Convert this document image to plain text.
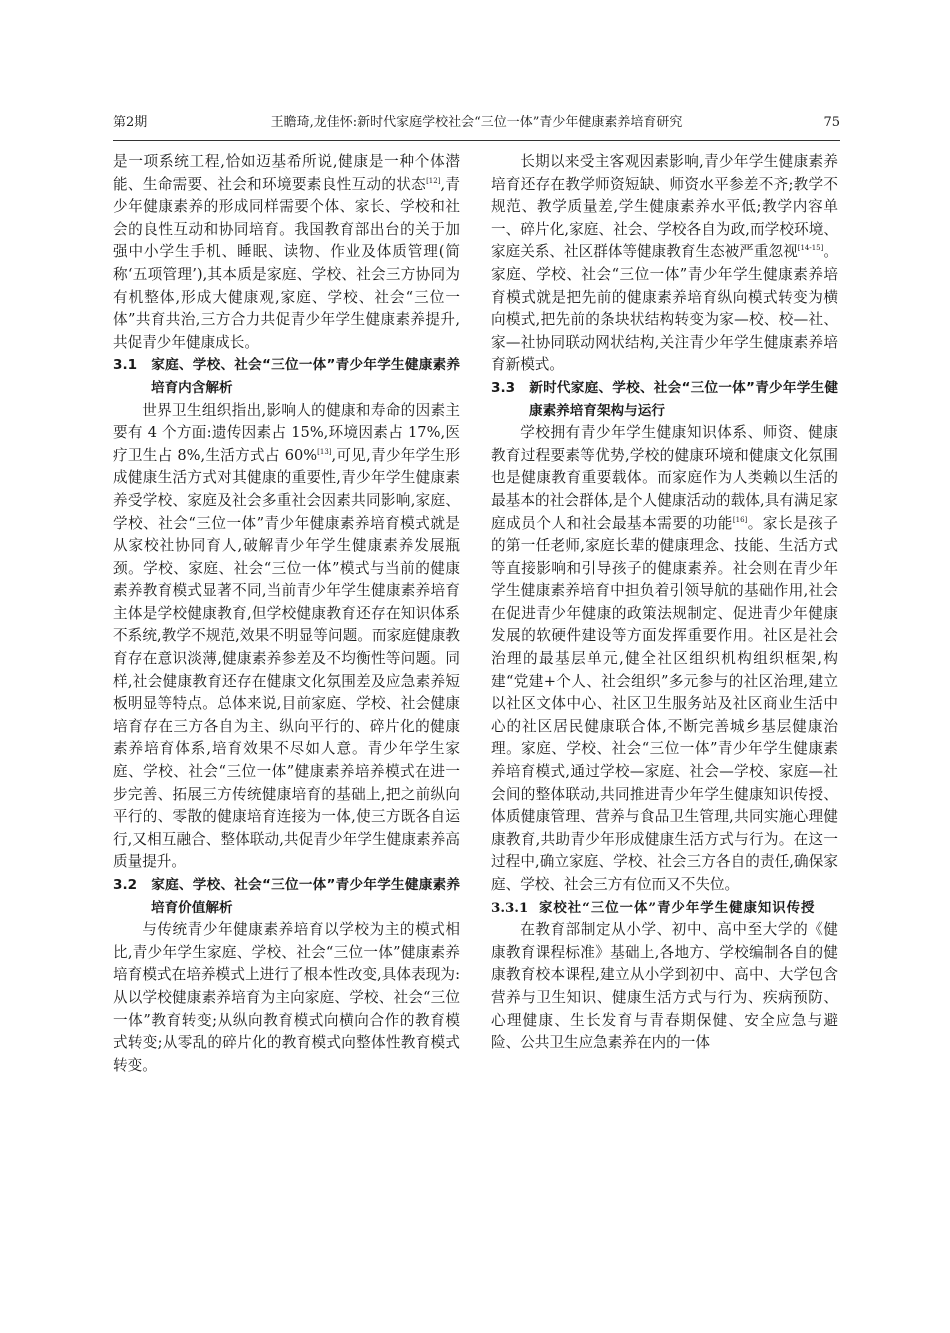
第2期	王瞻琦,龙佳怀:新时代家庭学校社会“三位一体”青少年健康素养培育研究	75

是一项系统工程,恰如迈基希所说,健康是一种个体潜能、生命需要、社会和环境要素良性互动的状态[12],青少年健康素养的形成同样需要个体、家长、学校和社会的良性互动和协同培育。我国教育部出台的关于加强中小学生手机、睡眠、读物、作业及体质管理(简称‘五项管理’),其本质是家庭、学校、社会三方协同为有机整体,形成大健康观,家庭、学校、社会“三位一体”共育共治,三方合力共促青少年学生健康素养提升,共促青少年健康成长。

3.1 家庭、学校、社会“三位一体”青少年学生健康素养培育内含解析

世界卫生组织指出,影响人的健康和寿命的因素主要有 4 个方面:遗传因素占 15%,环境因素占 17%,医疗卫生占 8%,生活方式占 60%[13],可见,青少年学生形成健康生活方式对其健康的重要性,青少年学生健康素养受学校、家庭及社会多重社会因素共同影响,家庭、学校、社会“三位一体”青少年健康素养培育模式就是从家校社协同育人,破解青少年学生健康素养发展瓶颈。学校、家庭、社会“三位一体”模式与当前的健康素养教育模式显著不同,当前青少年学生健康素养培育主体是学校健康教育,但学校健康教育还存在知识体系不系统,教学不规范,效果不明显等问题。而家庭健康教育存在意识淡薄,健康素养参差及不均衡性等问题。同样,社会健康教育还存在健康文化氛围差及应急素养短板明显等特点。总体来说,目前家庭、学校、社会健康培育存在三方各自为主、纵向平行的、碎片化的健康素养培育体系,培育效果不尽如人意。青少年学生家庭、学校、社会“三位一体”健康素养培养模式在进一步完善、拓展三方传统健康培育的基础上,把之前纵向平行的、零散的健康培育连接为一体,使三方既各自运行,又相互融合、整体联动,共促青少年学生健康素养高质量提升。

3.2 家庭、学校、社会“三位一体”青少年学生健康素养培育价值解析

与传统青少年健康素养培育以学校为主的模式相比,青少年学生家庭、学校、社会“三位一体”健康素养培育模式在培养模式上进行了根本性改变,具体表现为:从以学校健康素养培育为主向家庭、学校、社会“三位一体”教育转变;从纵向教育模式向横向合作的教育模式转变;从零乱的碎片化的教育模式向整体性教育模式转变。

长期以来受主客观因素影响,青少年学生健康素养培育还存在教学师资短缺、师资水平参差不齐;教学不规范、教学质量差,学生健康素养水平低;教学内容单一、碎片化,家庭、社会、学校各自为政,而学校环境、家庭关系、社区群体等健康教育生态被严重忽视[14-15]。家庭、学校、社会“三位一体”青少年学生健康素养培育模式就是把先前的健康素养培育纵向模式转变为横向模式,把先前的条块状结构转变为家—校、校—社、家—社协同联动网状结构,关注青少年学生健康素养培育新模式。

3.3 新时代家庭、学校、社会“三位一体”青少年学生健康素养培育架构与运行

学校拥有青少年学生健康知识体系、师资、健康教育过程要素等优势,学校的健康环境和健康文化氛围也是健康教育重要载体。而家庭作为人类赖以生活的最基本的社会群体,是个人健康活动的载体,具有满足家庭成员个人和社会最基本需要的功能[16]。家长是孩子的第一任老师,家庭长辈的健康理念、技能、生活方式等直接影响和引导孩子的健康素养。社会则在青少年学生健康素养培育中担负着引领导航的基础作用,社会在促进青少年健康的政策法规制定、促进青少年健康发展的软硬件建设等方面发挥重要作用。社区是社会治理的最基层单元,健全社区组织机构组织框架,构建“党建+个人、社会组织”多元参与的社区治理,建立以社区文体中心、社区卫生服务站及社区商业生活中心的社区居民健康联合体,不断完善城乡基层健康治理。家庭、学校、社会“三位一体”青少年学生健康素养培育模式,通过学校—家庭、社会—学校、家庭—社会间的整体联动,共同推进青少年学生健康知识传授、体质健康管理、营养与食品卫生管理,共同实施心理健康教育,共助青少年形成健康生活方式与行为。在这一过程中,确立家庭、学校、社会三方各自的责任,确保家庭、学校、社会三方有位而又不失位。

3.3.1 家校社“三位一体”青少年学生健康知识传授

在教育部制定从小学、初中、高中至大学的《健康教育课程标准》基础上,各地方、学校编制各自的健康教育校本课程,建立从小学到初中、高中、大学包含营养与卫生知识、健康生活方式与行为、疾病预防、心理健康、生长发育与青春期保健、安全应急与避险、公共卫生应急素养在内的一体
